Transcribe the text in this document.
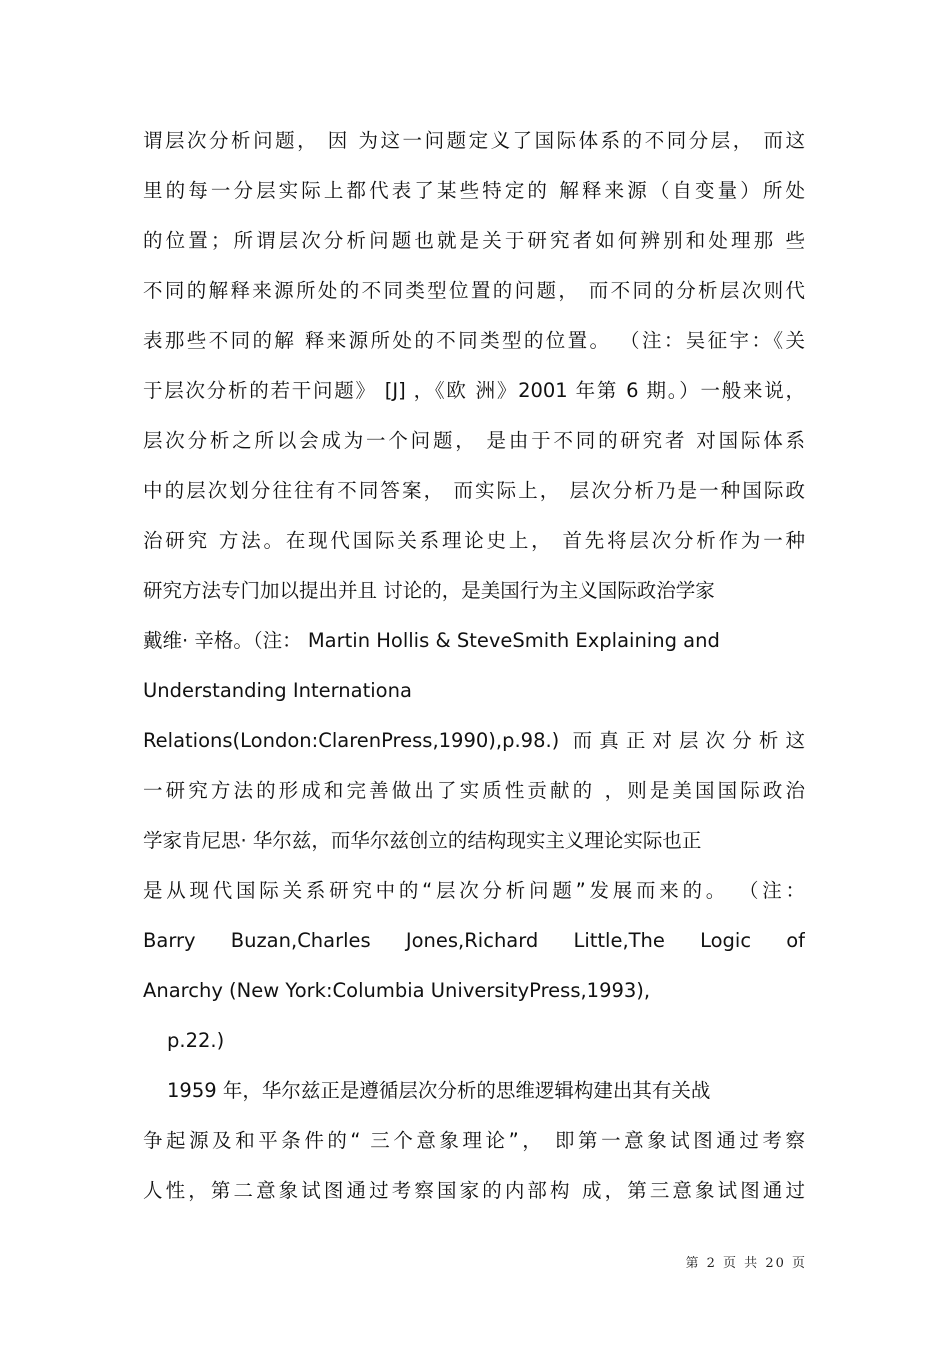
谓层次分析问题， 因 为这一问题定义了国际体系的不同分层， 而这
里的每一分层实际上都代表了某些特定的 解释来源（自变量）所处
的位置；所谓层次分析问题也就是关于研究者如何辨别和处理那 些
不同的解释来源所处的不同类型位置的问题， 而不同的分析层次则代
表那些不同的解 释来源所处的不同类型的位置。 （注：吴征宇：《关
于层次分析的若干问题》 [J] ，《欧 洲》2001 年第 6 期。）一般来说，
层次分析之所以会成为一个问题， 是由于不同的研究者 对国际体系
中的层次划分往往有不同答案， 而实际上， 层次分析乃是一种国际政
治研究 方法。在现代国际关系理论史上， 首先将层次分析作为一种
研究方法专门加以提出并且 讨论的，是美国行为主义国际政治学家
戴维· 辛格。（注： Martin Hollis & SteveSmith Explaining and
Understanding Internationa
Relations(London:ClarenPress,1990),p.98.) 而真正对层次分析这
一研究方法的形成和完善做出了实质性贡献的 ，则是美国国际政治
学家肯尼思· 华尔兹，而华尔兹创立的结构现实主义理论实际也正
是从现代国际关系研究中的“层次分析问题”发展而来的。 （注：
Barry Buzan,Charles Jones,Richard Little,The Logic of
Anarchy (New York:Columbia UniversityPress,1993),
p.22.)
1959 年，华尔兹正是遵循层次分析的思维逻辑构建出其有关战
争起源及和平条件的“ 三个意象理论”， 即第一意象试图通过考察
人性，第二意象试图通过考察国家的内部构 成，第三意象试图通过
第 2 页 共 20 页
